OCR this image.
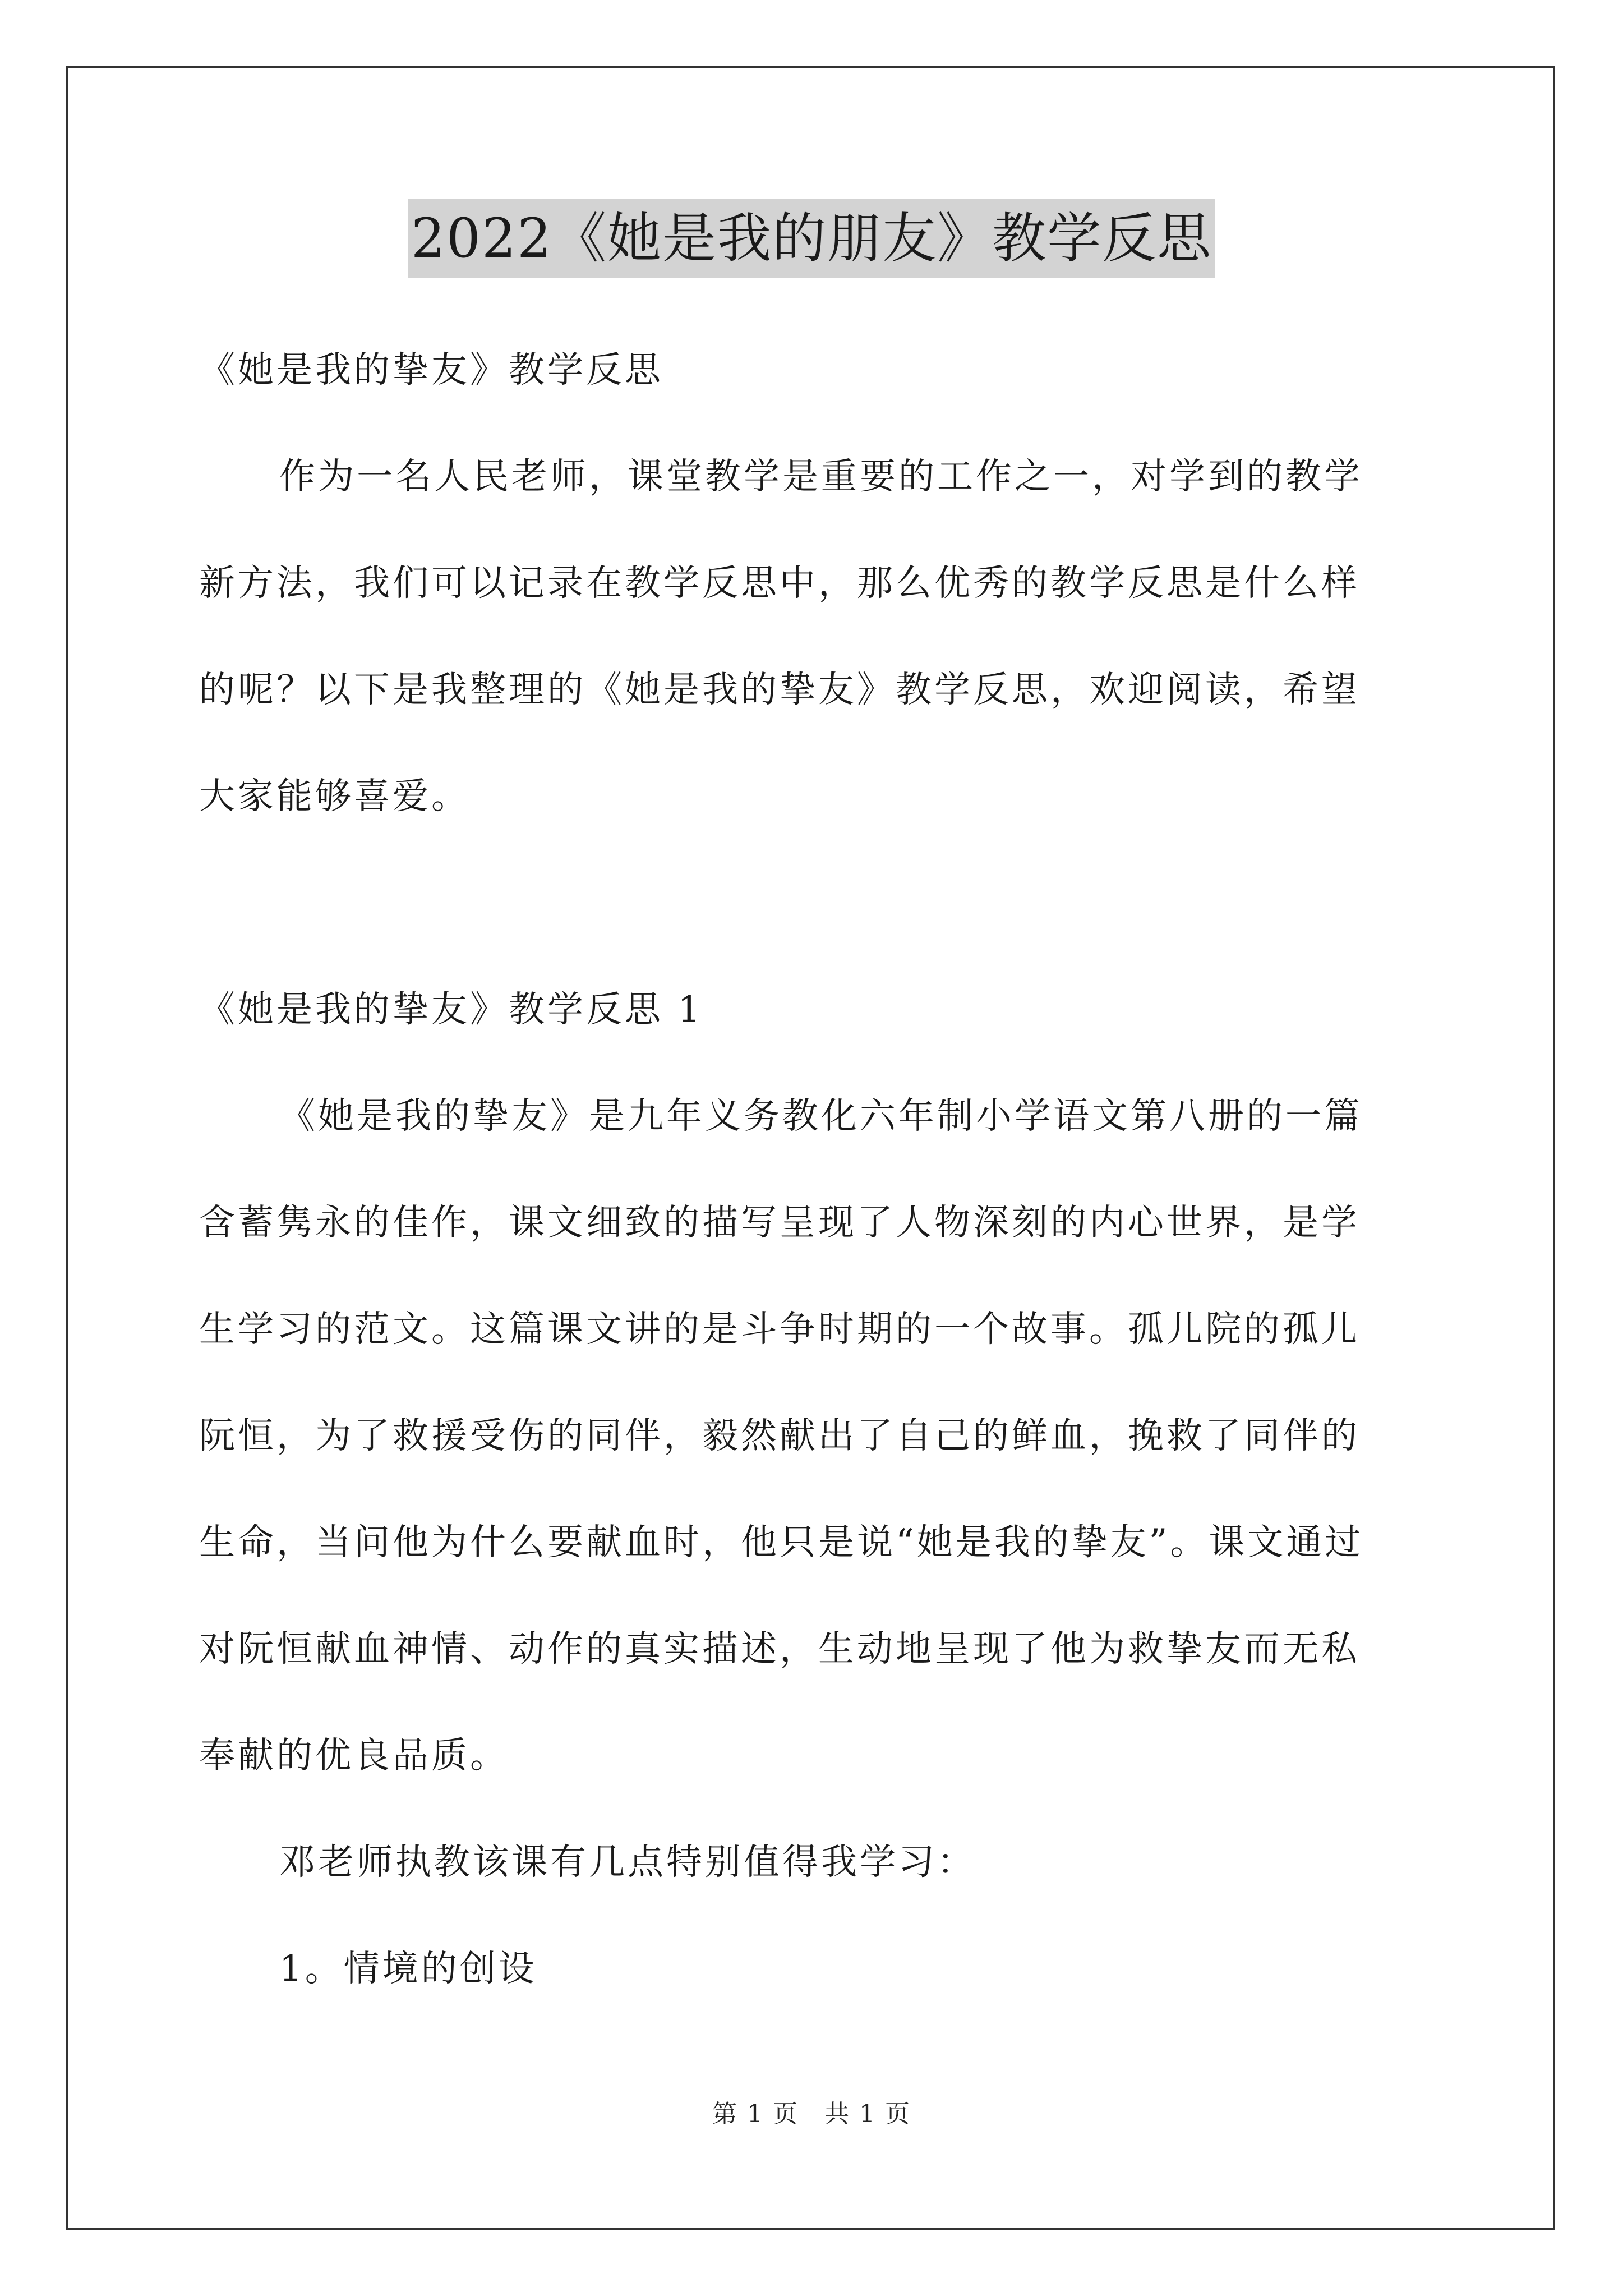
2022《她是我的朋友》教学反思
《她是我的挚友》教学反思
作为一名人民老师，课堂教学是重要的工作之一，对学到的教学
新方法，我们可以记录在教学反思中，那么优秀的教学反思是什么样
的呢？以下是我整理的《她是我的挚友》教学反思，欢迎阅读，希望
大家能够喜爱。
《她是我的挚友》教学反思 1
《她是我的挚友》是九年义务教化六年制小学语文第八册的一篇
含蓄隽永的佳作，课文细致的描写呈现了人物深刻的内心世界，是学
生学习的范文。这篇课文讲的是斗争时期的一个故事。孤儿院的孤儿
阮恒，为了救援受伤的同伴，毅然献出了自己的鲜血，挽救了同伴的
生命，当问他为什么要献血时，他只是说“她是我的挚友”。课文通过
对阮恒献血神情、动作的真实描述，生动地呈现了他为救挚友而无私
奉献的优良品质。
邓老师执教该课有几点特别值得我学习：
1。情境的创设
第 1 页　共 1 页
